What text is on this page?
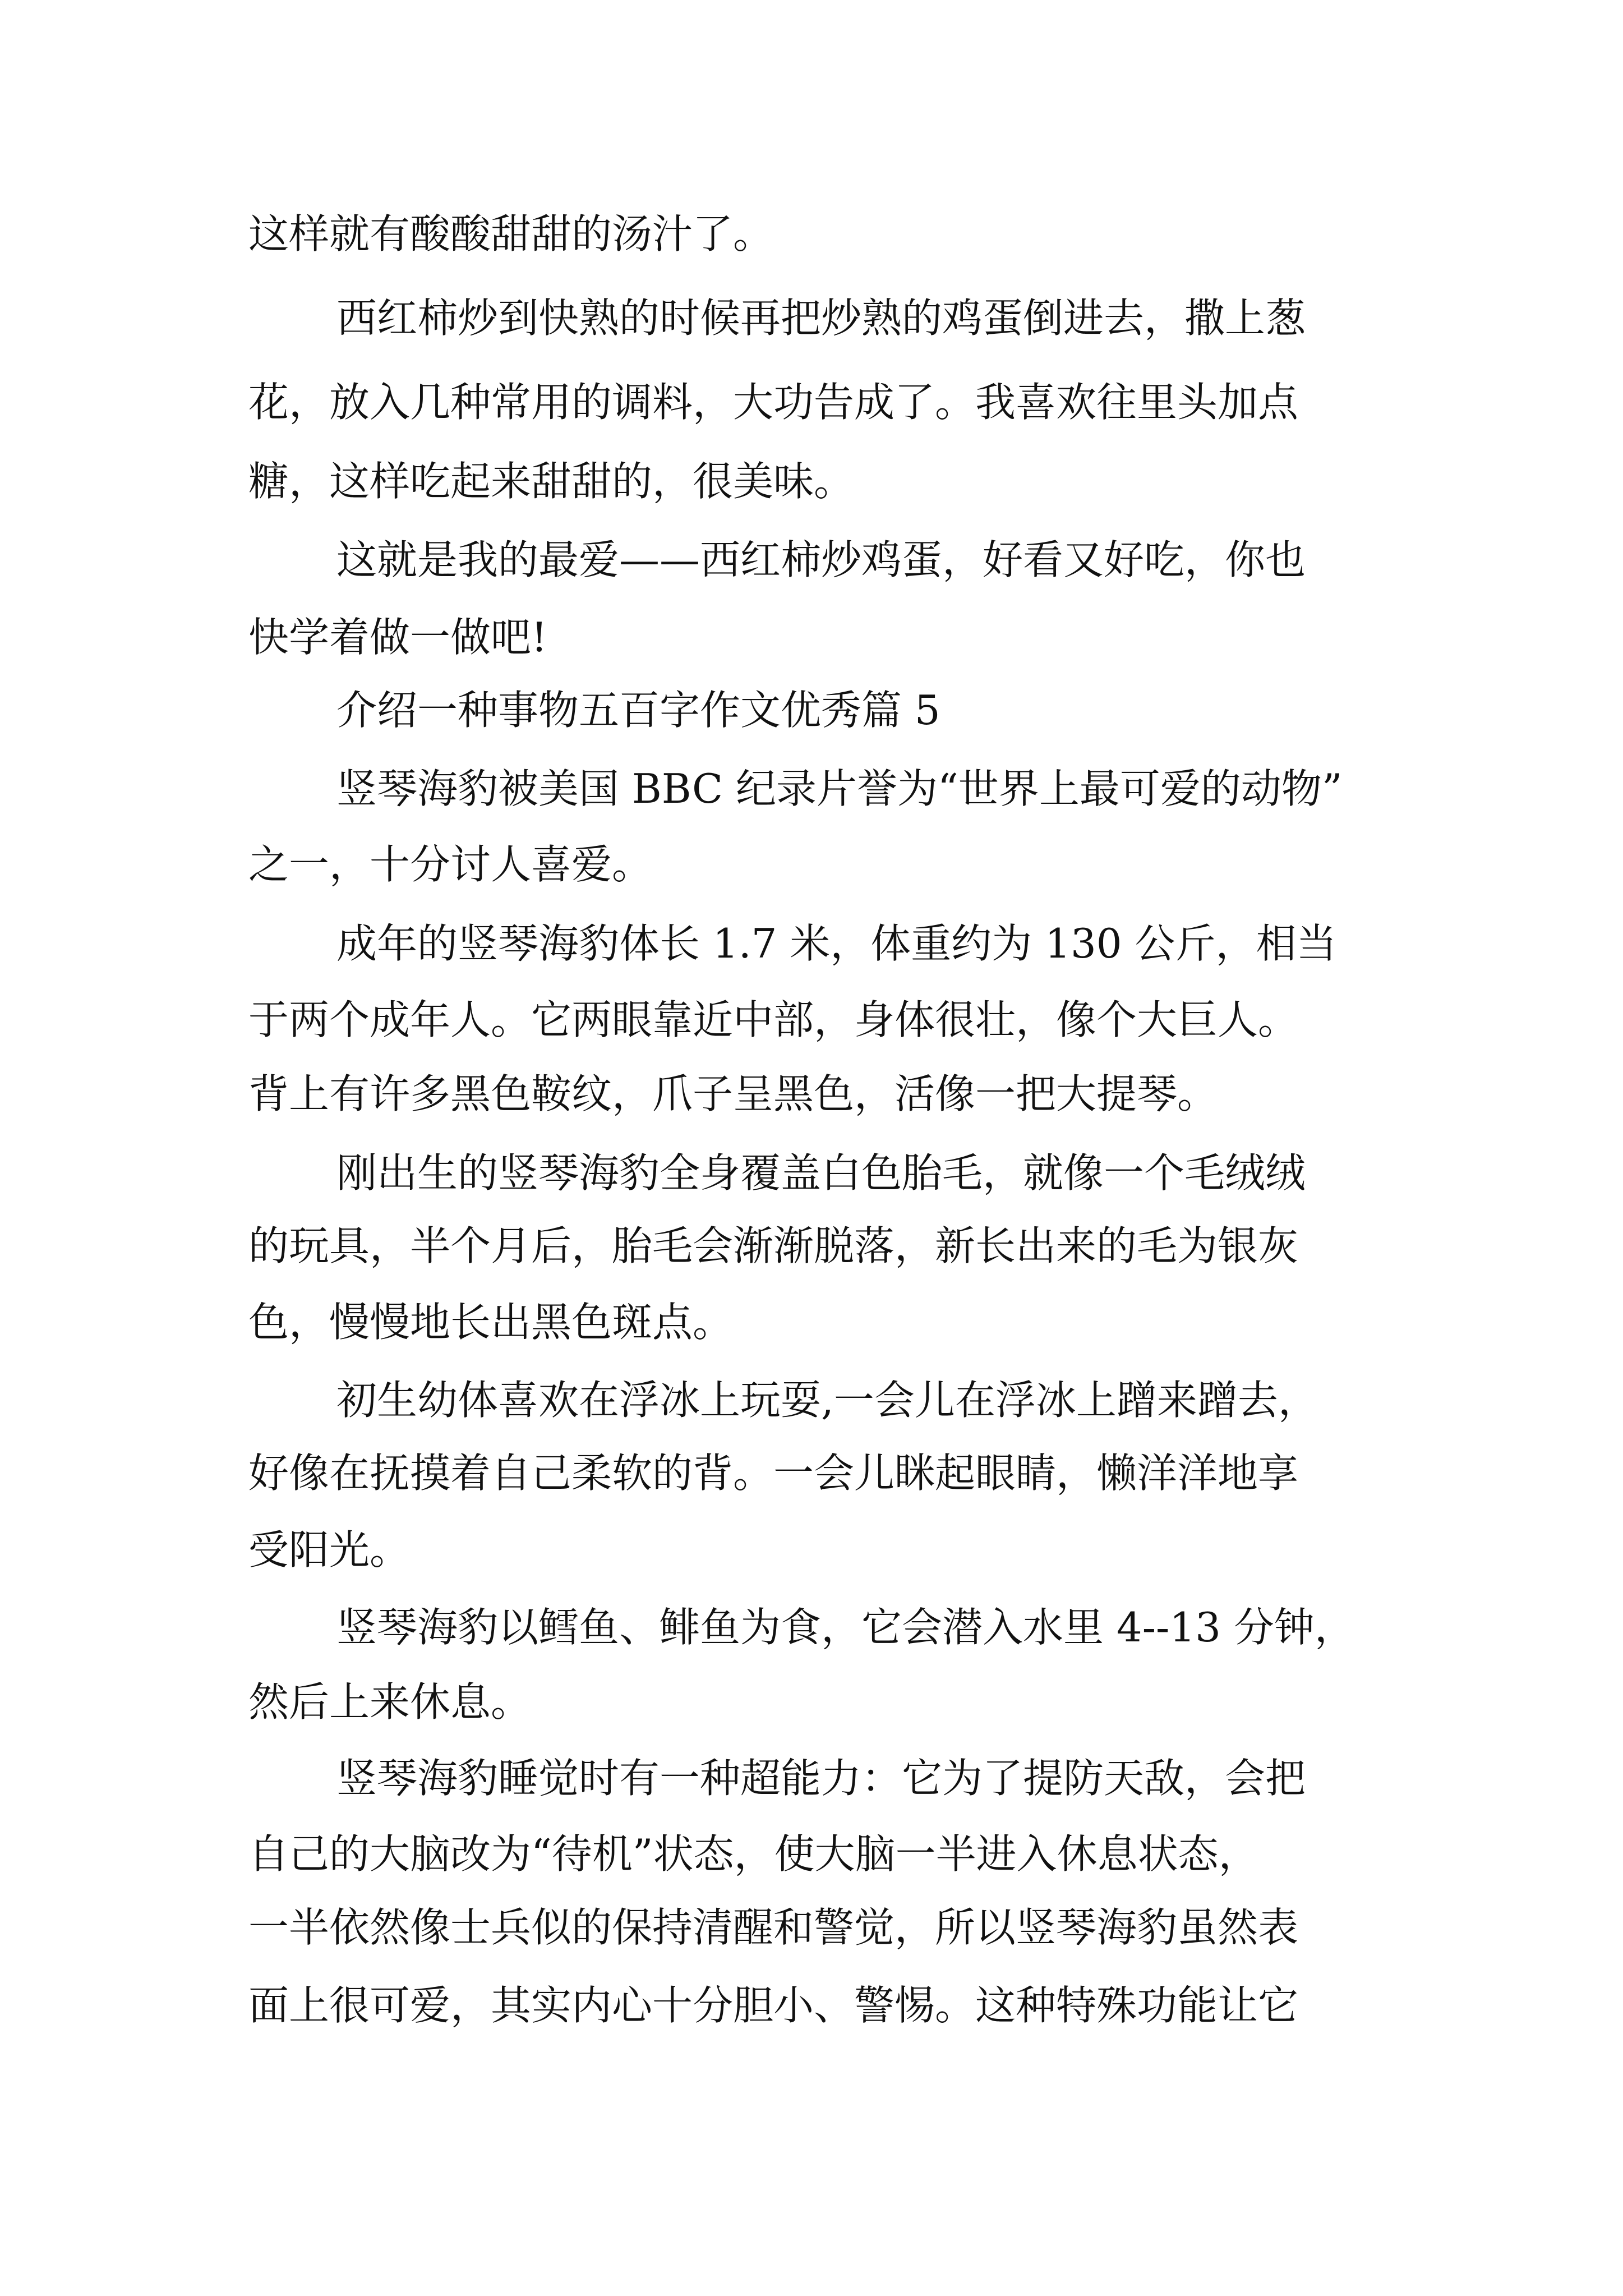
这样就有酸酸甜甜的汤汁了。
西红柿炒到快熟的时候再把炒熟的鸡蛋倒进去，撒上葱
花，放入几种常用的调料，大功告成了。我喜欢往里头加点
糖，这样吃起来甜甜的，很美味。
这就是我的最爱——西红柿炒鸡蛋，好看又好吃，你也
快学着做一做吧!
介绍一种事物五百字作文优秀篇 5
竖琴海豹被美国 BBC 纪录片誉为“世界上最可爱的动物”
之一，十分讨人喜爱。
成年的竖琴海豹体长 1.7 米，体重约为 130 公斤，相当
于两个成年人。它两眼靠近中部，身体很壮，像个大巨人。
背上有许多黑色鞍纹，爪子呈黑色，活像一把大提琴。
刚出生的竖琴海豹全身覆盖白色胎毛，就像一个毛绒绒
的玩具，半个月后，胎毛会渐渐脱落，新长出来的毛为银灰
色，慢慢地长出黑色斑点。
初生幼体喜欢在浮冰上玩耍,一会儿在浮冰上蹭来蹭去，
好像在抚摸着自己柔软的背。一会儿眯起眼睛，懒洋洋地享
受阳光。
竖琴海豹以鳕鱼、鲱鱼为食，它会潜入水里 4--13 分钟，
然后上来休息。
竖琴海豹睡觉时有一种超能力：它为了提防天敌，会把
自己的大脑改为“待机”状态，使大脑一半进入休息状态，
一半依然像士兵似的保持清醒和警觉，所以竖琴海豹虽然表
面上很可爱，其实内心十分胆小、警惕。这种特殊功能让它
